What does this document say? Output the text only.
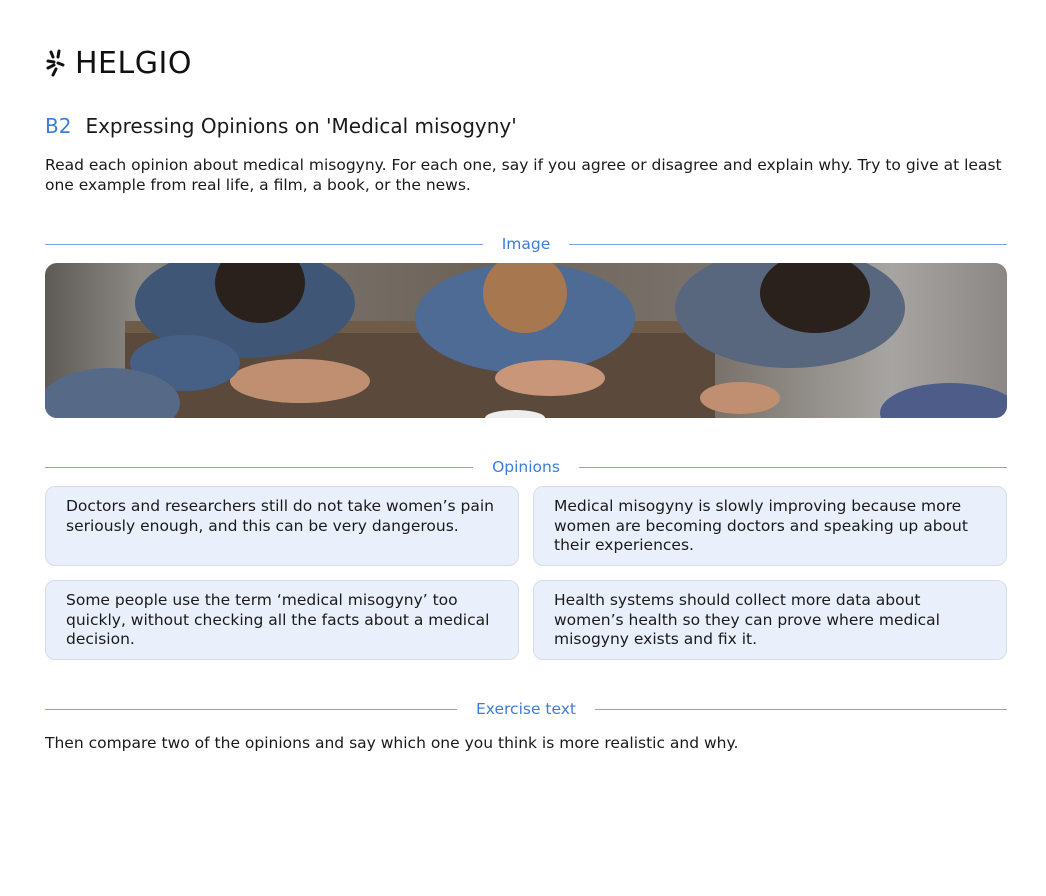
HELGIO
B2 Expressing Opinions on 'Medical misogyny'

Read each opinion about medical misogyny. For each one, say if you agree or disagree and explain why. Try to give at least one example from real life, a film, a book, or the news.

Image
Opinions
Doctors and researchers still do not take women’s pain seriously enough, and this can be very dangerous.
Medical misogyny is slowly improving because more women are becoming doctors and speaking up about their experiences.
Some people use the term ‘medical misogyny’ too quickly, without checking all the facts about a medical decision.
Health systems should collect more data about women’s health so they can prove where medical misogyny exists and fix it.
Exercise text

Then compare two of the opinions and say which one you think is more realistic and why.
